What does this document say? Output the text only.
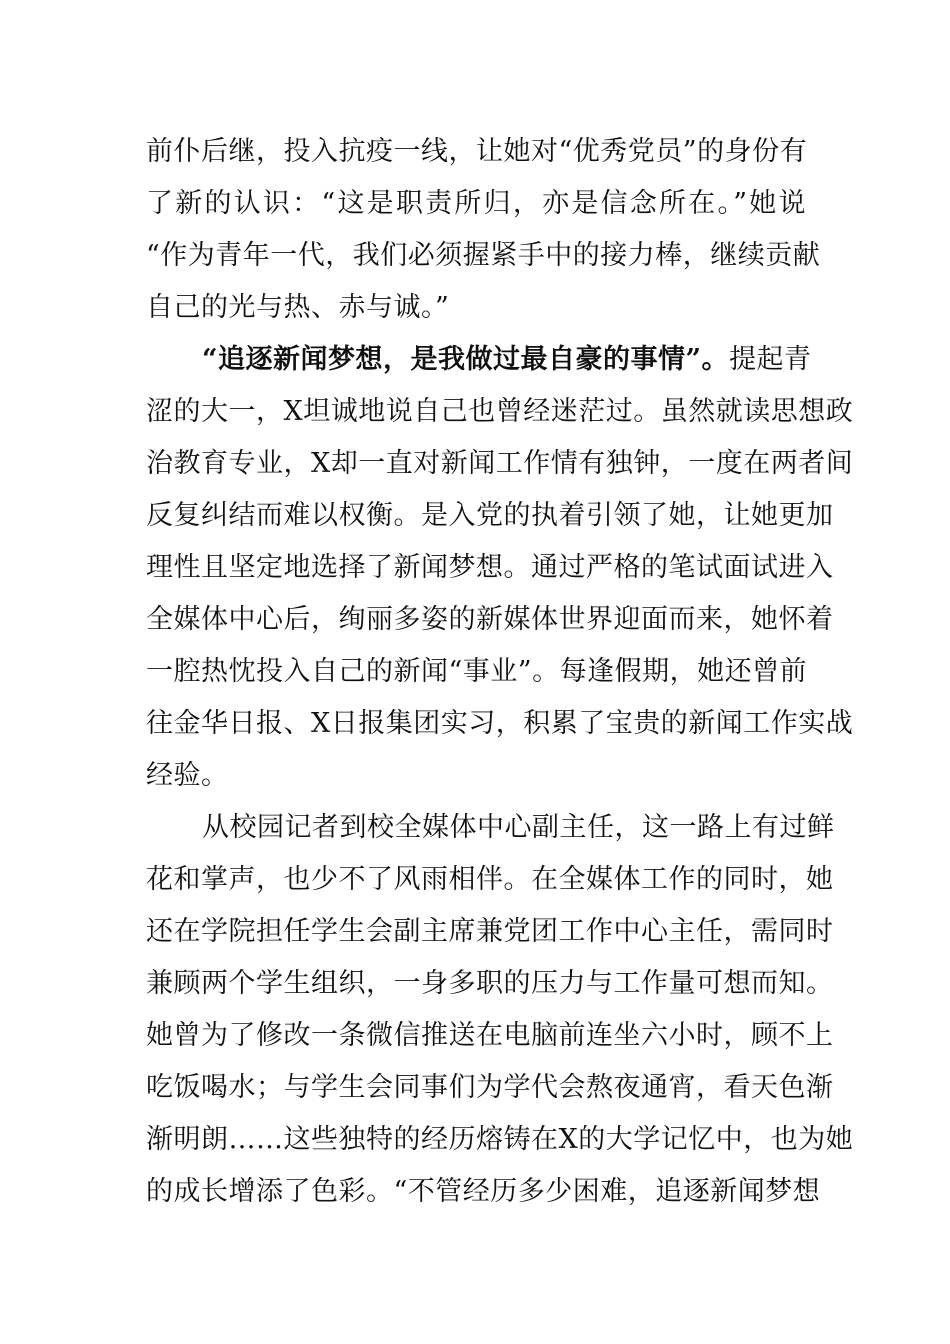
前仆后继，投入抗疫一线，让她对“优秀党员”的身份有
了新的认识：“这是职责所归，亦是信念所在。”她说
“作为青年一代，我们必须握紧手中的接力棒，继续贡献
自己的光与热、赤与诚。”
“追逐新闻梦想，是我做过最自豪的事情”。提起青
涩的大一，X坦诚地说自己也曾经迷茫过。虽然就读思想政
治教育专业，X却一直对新闻工作情有独钟，一度在两者间
反复纠结而难以权衡。是入党的执着引领了她，让她更加
理性且坚定地选择了新闻梦想。通过严格的笔试面试进入
全媒体中心后，绚丽多姿的新媒体世界迎面而来，她怀着
一腔热忱投入自己的新闻“事业”。每逢假期，她还曾前
往金华日报、X日报集团实习，积累了宝贵的新闻工作实战
经验。
从校园记者到校全媒体中心副主任，这一路上有过鲜
花和掌声，也少不了风雨相伴。在全媒体工作的同时，她
还在学院担任学生会副主席兼党团工作中心主任，需同时
兼顾两个学生组织，一身多职的压力与工作量可想而知。
她曾为了修改一条微信推送在电脑前连坐六小时，顾不上
吃饭喝水；与学生会同事们为学代会熬夜通宵，看天色渐
渐明朗……这些独特的经历熔铸在X的大学记忆中，也为她
的成长增添了色彩。“不管经历多少困难，追逐新闻梦想
